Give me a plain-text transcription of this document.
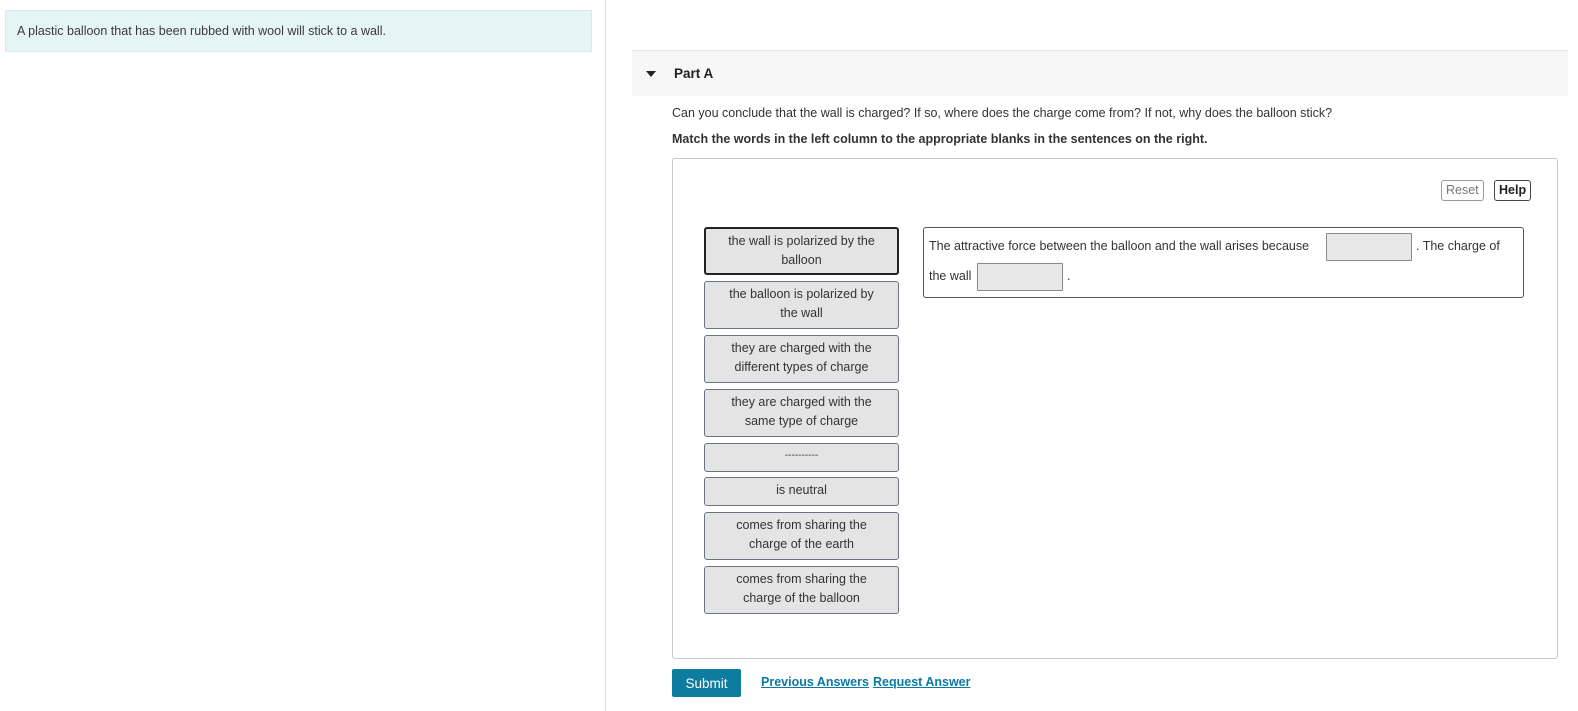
A plastic balloon that has been rubbed with wool will stick to a wall.
Part A
Can you conclude that the wall is charged? If so, where does the charge come from? If not, why does the balloon stick?
Match the words in the left column to the appropriate blanks in the sentences on the right.
Reset	Help
the wall is polarized by the
balloon
the balloon is polarized by
the wall
they are charged with the
different types of charge
they are charged with the
same type of charge
----------
is neutral
comes from sharing the
charge of the earth
comes from sharing the
charge of the balloon
The attractive force between the balloon and the wall arises because	. The charge of
the wall	.
Submit	Previous Answers Request Answer
